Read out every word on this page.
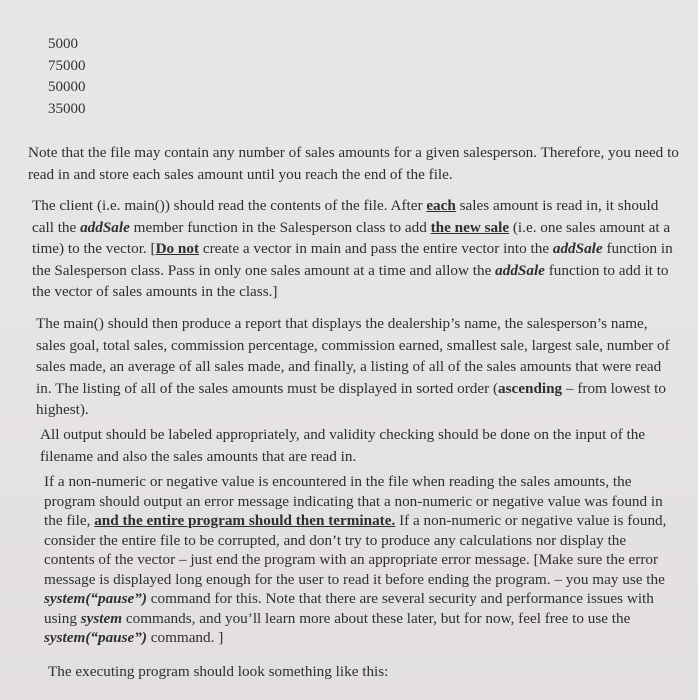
5000
75000
50000
35000

Note that the file may contain any number of sales amounts for a given salesperson. Therefore, you need to read in and store each sales amount until you reach the end of the file.

The client (i.e. main()) should read the contents of the file. After each sales amount is read in, it should call the addSale member function in the Salesperson class to add the new sale (i.e. one sales amount at a time) to the vector. [Do not create a vector in main and pass the entire vector into the addSale function in the Salesperson class. Pass in only one sales amount at a time and allow the addSale function to add it to the vector of sales amounts in the class.]

The main() should then produce a report that displays the dealership’s name, the salesperson’s name, sales goal, total sales, commission percentage, commission earned, smallest sale, largest sale, number of sales made, an average of all sales made, and finally, a listing of all of the sales amounts that were read in. The listing of all of the sales amounts must be displayed in sorted order (ascending – from lowest to highest).

All output should be labeled appropriately, and validity checking should be done on the input of the filename and also the sales amounts that are read in.

If a non-numeric or negative value is encountered in the file when reading the sales amounts, the program should output an error message indicating that a non-numeric or negative value was found in the file, and the entire program should then terminate. If a non-numeric or negative value is found, consider the entire file to be corrupted, and don’t try to produce any calculations nor display the contents of the vector – just end the program with an appropriate error message. [Make sure the error message is displayed long enough for the user to read it before ending the program. – you may use the system(“pause”) command for this. Note that there are several security and performance issues with using system commands, and you’ll learn more about these later, but for now, feel free to use the system(“pause”) command. ]

The executing program should look something like this:
